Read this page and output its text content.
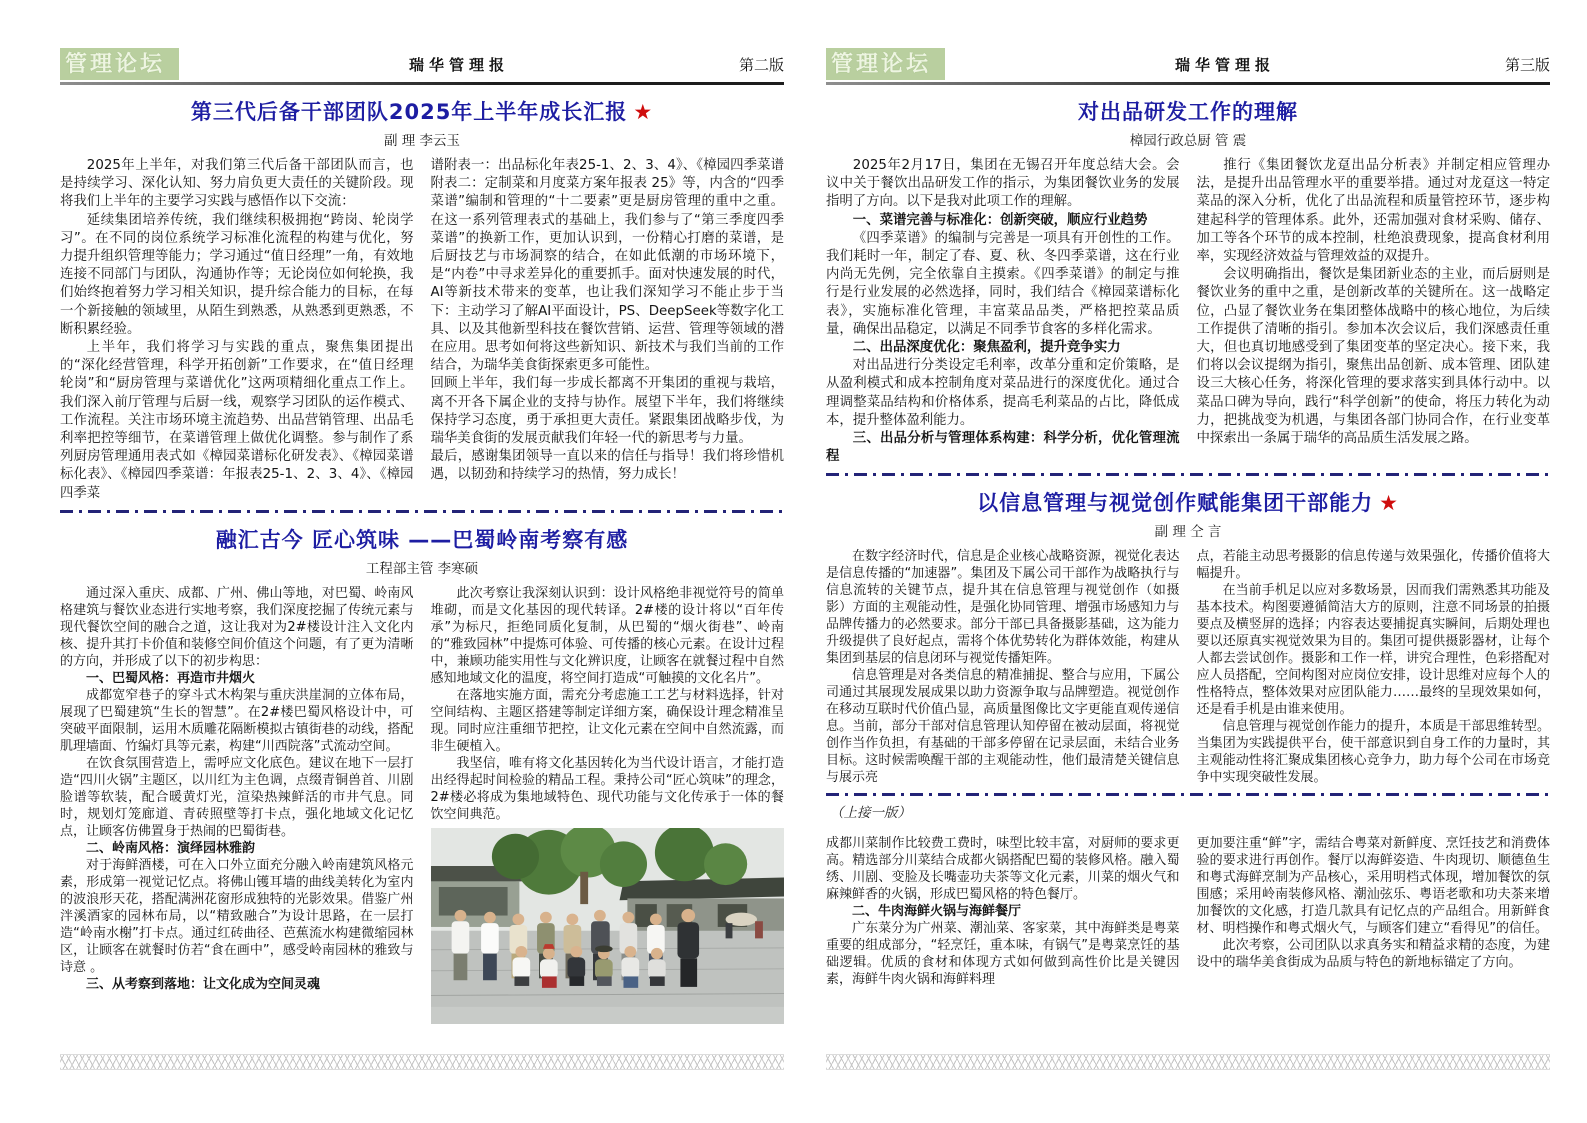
管理论坛	瑞华管理报	第二版
第三代后备干部团队2025年上半年成长汇报 ★
副 理 李云玉

2025年上半年，对我们第三代后备干部团队而言，也是持续学习、深化认知、努力肩负更大责任的关键阶段。现将我们上半年的主要学习实践与感悟作以下交流：

延续集团培养传统，我们继续积极拥抱“跨岗、轮岗学习”。在不同的岗位系统学习标准化流程的构建与优化，努力提升组织管理等能力；学习通过“值日经理”一角，有效地连接不同部门与团队，沟通协作等；无论岗位如何轮换，我们始终抱着努力学习相关知识，提升综合能力的目标，在每一个新接触的领域里，从陌生到熟悉，从熟悉到更熟悉，不断积累经验。

上半年，我们将学习与实践的重点，聚焦集团提出的“深化经营管理，科学开拓创新”工作要求，在“值日经理轮岗”和“厨房管理与菜谱优化”这两项精细化重点工作上。我们深入前厅管理与后厨一线，观察学习团队的运作模式、工作流程。关注市场环境主流趋势、出品营销管理、出品毛利率把控等细节，在菜谱管理上做优化调整。参与制作了系列厨房管理通用表式如《樟园菜谱标化研发表》、《樟园菜谱标化表》、《樟园四季菜谱：年报表25-1、2、3、4》、《樟园四季菜

谱附表一：出品标化年表25-1、2、3、4》、《樟园四季菜谱附表二：定制菜和月度菜方案年报表 25》等，内含的“四季菜谱”编制和管理的“十二要素”更是厨房管理的重中之重。在这一系列管理表式的基础上，我们参与了“第三季度四季菜谱”的换新工作，更加认识到，一份精心打磨的菜谱，是后厨技艺与市场洞察的结合，在如此低潮的市场环境下，是“内卷”中寻求差异化的重要抓手。面对快速发展的时代，AI等新技术带来的变革，也让我们深知学习不能止步于当下：主动学习了解AI平面设计，PS、DeepSeek等数字化工具、以及其他新型科技在餐饮营销、运营、管理等领域的潜在应用。思考如何将这些新知识、新技术与我们当前的工作结合，为瑞华美食街探索更多可能性。

回顾上半年，我们每一步成长都离不开集团的重视与栽培，离不开各下属企业的支持与协作。展望下半年，我们将继续保持学习态度，勇于承担更大责任。紧跟集团战略步伐，为瑞华美食街的发展贡献我们年轻一代的新思考与力量。

最后，感谢集团领导一直以来的信任与指导！我们将珍惜机遇，以韧劲和持续学习的热情，努力成长！

融汇古今 匠心筑味 ——巴蜀岭南考察有感
工程部主管 李寒硕

通过深入重庆、成都、广州、佛山等地，对巴蜀、岭南风格建筑与餐饮业态进行实地考察，我们深度挖掘了传统元素与现代餐饮空间的融合之道，这让我对为2#楼设计注入文化内核、提升其打卡价值和装修空间价值这个问题，有了更为清晰的方向，并形成了以下的初步构思：

一、巴蜀风格：再造市井烟火

成都宽窄巷子的穿斗式木构架与重庆洪崖洞的立体布局，展现了巴蜀建筑“生长的智慧”。在2#楼巴蜀风格设计中，可突破平面限制，运用木质雕花隔断模拟古镇街巷的动线，搭配肌理墙面、竹编灯具等元素，构建“川西院落”式流动空间。

在饮食氛围营造上，需呼应文化底色。建议在地下一层打造“四川火锅”主题区，以川红为主色调，点缀青铜兽首、川剧脸谱等软装，配合暖黄灯光，渲染热辣鲜活的市井气息。同时，规划灯笼廊道、青砖照壁等打卡点，强化地域文化记忆点，让顾客仿佛置身于热闹的巴蜀街巷。

二、岭南风格：演绎园林雅韵

对于海鲜酒楼，可在入口外立面充分融入岭南建筑风格元素，形成第一视觉记忆点。将佛山镬耳墙的曲线美转化为室内的波浪形天花，搭配满洲花窗形成独特的光影效果。借鉴广州泮溪酒家的园林布局，以“精致融合”为设计思路，在一层打造“岭南水榭”打卡点。通过红砖曲径、芭蕉流水构建微缩园林区，让顾客在就餐时仿若“食在画中”，感受岭南园林的雅致与诗意 。

三、从考察到落地：让文化成为空间灵魂

此次考察让我深刻认识到：设计风格绝非视觉符号的简单堆砌，而是文化基因的现代转译。2#楼的设计将以“百年传承”为标尺，拒绝同质化复制，从巴蜀的“烟火街巷”、岭南的“雅致园林”中提炼可体验、可传播的核心元素。在设计过程中，兼顾功能实用性与文化辨识度，让顾客在就餐过程中自然感知地域文化的温度，将空间打造成“可触摸的文化名片”。

在落地实施方面，需充分考虑施工工艺与材料选择，针对空间结构、主题区搭建等制定详细方案，确保设计理念精准呈现。同时应注重细节把控，让文化元素在空间中自然流露，而非生硬植入。

我坚信，唯有将文化基因转化为当代设计语言，才能打造出经得起时间检验的精品工程。秉持公司“匠心筑味”的理念，2#楼必将成为集地域特色、现代功能与文化传承于一体的餐饮空间典范。

管理论坛	瑞华管理报	第三版
对出品研发工作的理解
樟园行政总厨 管 震

2025年2月17日，集团在无锡召开年度总结大会。会议中关于餐饮出品研发工作的指示，为集团餐饮业务的发展指明了方向。以下是我对此项工作的理解。

一、菜谱完善与标准化：创新突破，顺应行业趋势

《四季菜谱》的编制与完善是一项具有开创性的工作。我们耗时一年，制定了春、夏、秋、冬四季菜谱，这在行业内尚无先例，完全依靠自主摸索。《四季菜谱》的制定与推行是行业发展的必然选择，同时，我们结合《樟园菜谱标化表》，实施标准化管理，丰富菜品品类，严格把控菜品质量，确保出品稳定，以满足不同季节食客的多样化需求。

二、出品深度优化：聚焦盈利，提升竞争实力

对出品进行分类设定毛利率，改革分重和定价策略，是从盈利模式和成本控制角度对菜品进行的深度优化。通过合理调整菜品结构和价格体系，提高毛利菜品的占比，降低成本，提升整体盈利能力。

三、出品分析与管理体系构建：科学分析，优化管理流程

推行《集团餐饮龙趸出品分析表》并制定相应管理办法，是提升出品管理水平的重要举措。通过对龙趸这一特定菜品的深入分析，优化了出品流程和质量管控环节，逐步构建起科学的管理体系。此外，还需加强对食材采购、储存、加工等各个环节的成本控制，杜绝浪费现象，提高食材利用率，实现经济效益与管理效益的双提升。

会议明确指出，餐饮是集团新业态的主业，而后厨则是餐饮业务的重中之重，是创新改革的关键所在。这一战略定位，凸显了餐饮业务在集团整体战略中的核心地位，为后续工作提供了清晰的指引。参加本次会议后，我们深感责任重大，但也真切地感受到了集团变革的坚定决心。接下来，我们将以会议提纲为指引，聚焦出品创新、成本管理、团队建设三大核心任务，将深化管理的要求落实到具体行动中。以菜品口碑为导向，践行“科学创新”的使命，将压力转化为动力，把挑战变为机遇，与集团各部门协同合作，在行业变革中探索出一条属于瑞华的高品质生活发展之路。

以信息管理与视觉创作赋能集团干部能力 ★
副 理 仝 言

在数字经济时代，信息是企业核心战略资源，视觉化表达是信息传播的“加速器”。集团及下属公司干部作为战略执行与信息流转的关键节点，提升其在信息管理与视觉创作（如摄影）方面的主观能动性，是强化协同管理、增强市场感知力与品牌传播力的必然要求。部分干部已具备摄影基础，这为能力升级提供了良好起点，需将个体优势转化为群体效能，构建从集团到基层的信息闭环与视觉传播矩阵。

信息管理是对各类信息的精准捕捉、整合与应用，下属公司通过其展现发展成果以助力资源争取与品牌塑造。视觉创作在移动互联时代价值凸显，高质量图像比文字更能直观传递信息。当前，部分干部对信息管理认知停留在被动层面，将视觉创作当作负担，有基础的干部多停留在记录层面，未结合业务目标。这时候需唤醒干部的主观能动性，他们最清楚关键信息与展示亮

点，若能主动思考摄影的信息传递与效果强化，传播价值将大幅提升。

在当前手机足以应对多数场景，因而我们需熟悉其功能及基本技术。构图要遵循简洁大方的原则，注意不同场景的拍摄要点及横竖屏的选择；内容表达要捕捉真实瞬间，后期处理也要以还原真实视觉效果为目的。集团可提供摄影器材，让每个人都去尝试创作。摄影和工作一样，讲究合理性，色彩搭配对应人员搭配，空间构图对应岗位安排，设计思维对应每个人的性格特点，整体效果对应团队能力……最终的呈现效果如何，还是看手机是由谁来使用。

信息管理与视觉创作能力的提升，本质是干部思维转型。当集团为实践提供平台，使干部意识到自身工作的力量时，其主观能动性将汇聚成集团核心竞争力，助力每个公司在市场竞争中实现突破性发展。

（上接一版）

成都川菜制作比较费工费时，味型比较丰富，对厨师的要求更高。精选部分川菜结合成都火锅搭配巴蜀的装修风格。融入蜀绣、川剧、变脸及长嘴壶功夫茶等文化元素，川菜的烟火气和麻辣鲜香的火锅，形成巴蜀风格的特色餐厅。

二、牛肉海鲜火锅与海鲜餐厅

广东菜分为广州菜、潮汕菜、客家菜，其中海鲜类是粤菜重要的组成部分，“轻烹饪，重本味，有锅气”是粤菜烹饪的基础逻辑。优质的食材和体现方式如何做到高性价比是关键因素，海鲜牛肉火锅和海鲜料理

更加要注重“鲜”字，需结合粤菜对新鲜度、烹饪技艺和消费体验的要求进行再创作。餐厅以海鲜姿造、牛肉现切、顺德鱼生和粤式海鲜烹制为产品核心，采用明档式体现，增加餐饮的氛围感；采用岭南装修风格、潮汕弦乐、粤语老歌和功夫茶来增加餐饮的文化感，打造几款具有记忆点的产品组合。用新鲜食材、明档操作和粤式烟火气，与顾客们建立“看得见”的信任。

此次考察，公司团队以求真务实和精益求精的态度，为建设中的瑞华美食街成为品质与特色的新地标锚定了方向。
